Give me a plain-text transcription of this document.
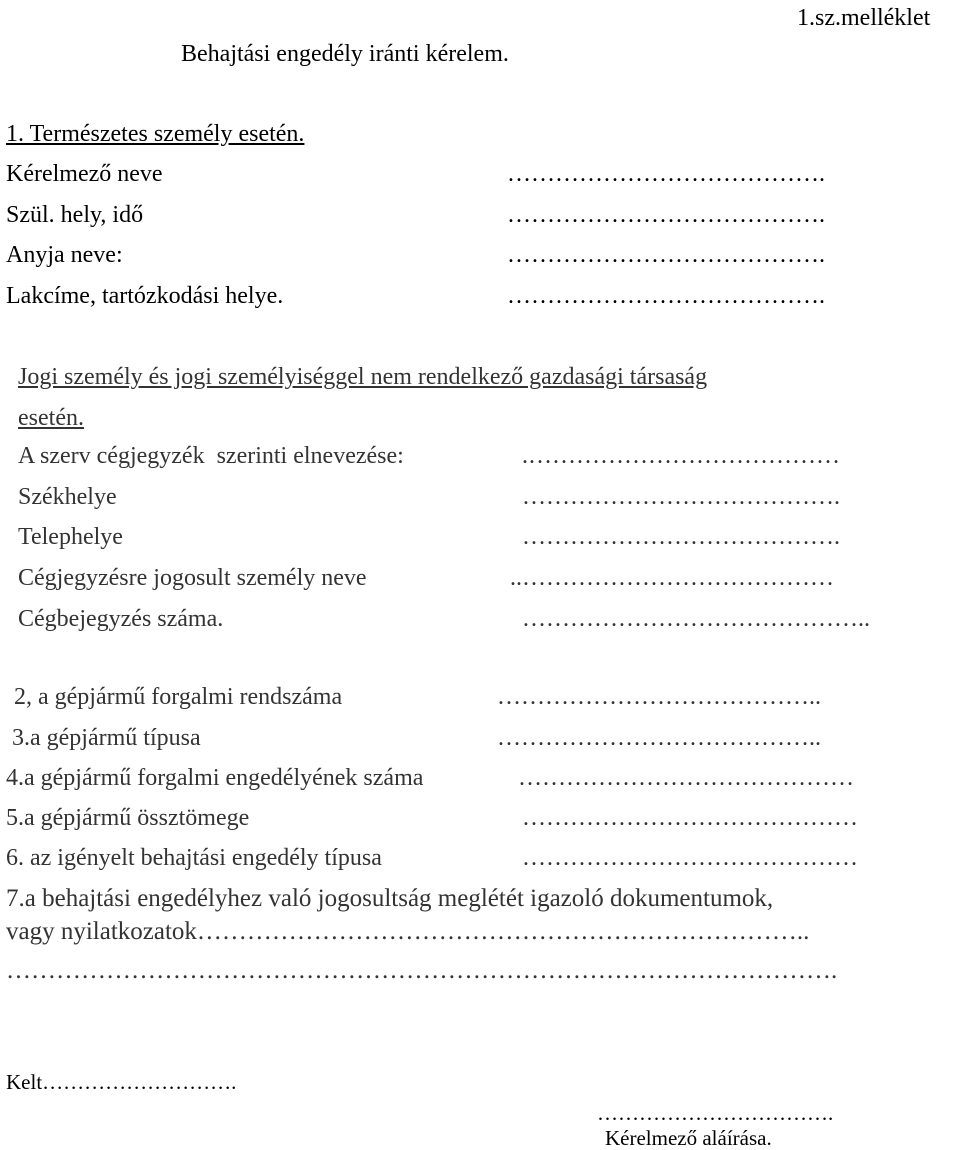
1.sz.melléklet
Behajtási engedély iránti kérelem.
1. Természetes személy esetén.
Kérelmező neve	………………………………….
Szül. hely, idő	………………………………….
Anyja neve:	………………………………….
Lakcíme, tartózkodási helye.	………………………………….
Jogi személy és jogi személyiséggel nem rendelkező gazdasági társaság
esetén.
A szerv cégjegyzék  szerinti elnevezése:	.…………………………………
Székhelye	………………………………….
Telephelye	………………………………….
Cégjegyzésre jogosult személy neve	..…………………………………
Cégbejegyzés száma.	……………………………………..
2, a gépjármű forgalmi rendszáma	…………………………………..
3.a gépjármű típusa	…………………………………..
4.a gépjármű forgalmi engedélyének száma	……………………………………
5.a gépjármű össztömege	……………………………………
6. az igényelt behajtási engedély típusa	……………………………………
7.a behajtási engedélyhez való jogosultság meglétét igazoló dokumentumok,
vagy nyilatkozatok………………………………………………………………..
……………………………………………………………………………………….
Kelt……………………….
…………………………….
Kérelmező aláírása.
